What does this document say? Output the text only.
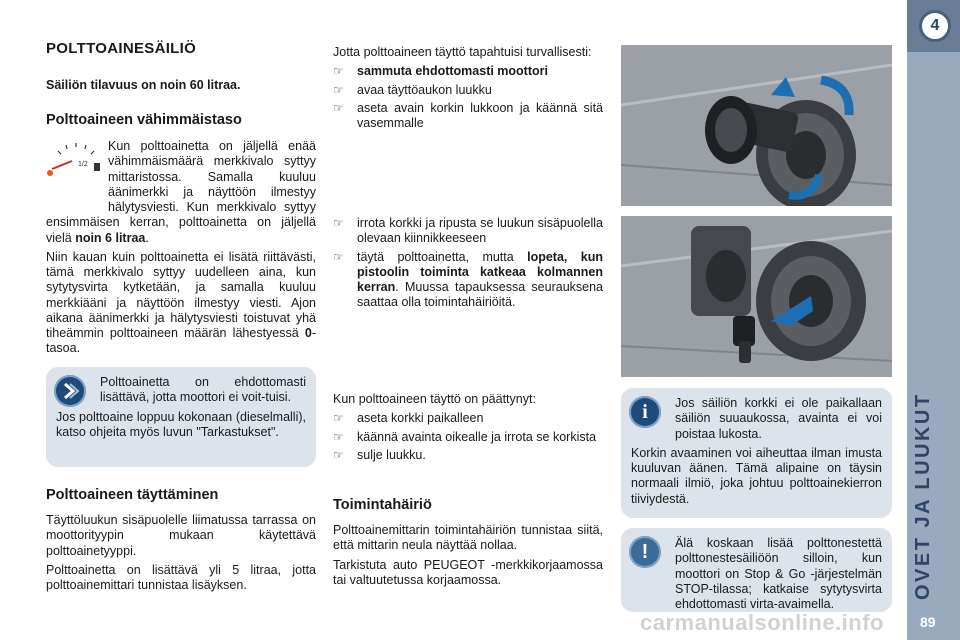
POLTTOAINESÄILIÖ
Säiliön tilavuus on noin 60 litraa.
Polttoaineen vähimmäistaso
1/2

Kun polttoainetta on jäljellä enää vähimmäismäärä merkkivalo syttyy mittaristossa. Samalla kuuluu äänimerkki ja näyttöön ilmestyy hälytysviesti. Kun merkkivalo syttyy ensimmäisen kerran, polttoainetta on jäljellä vielä noin 6 litraa.

Niin kauan kuin polttoainetta ei lisätä riittävästi, tämä merkkivalo syttyy uudelleen aina, kun sytytysvirta kytketään, ja samalla kuuluu merkkiääni ja näyttöön ilmestyy viesti. Ajon aikana äänimerkki ja hälytysviesti toistuvat yhä tiheämmin polttoaineen määrän lähestyessä 0-tasoa.

Polttoainetta on ehdottomasti lisättävä, jotta moottori ei voit-tuisi.

Jos polttoaine loppuu kokonaan (dieselmalli), katso ohjeita myös luvun "Tarkastukset".

Polttoaineen täyttäminen

Täyttöluukun sisäpuolelle liimatussa tarrassa on moottorityypin mukaan käytettävä polttoainetyyppi.

Polttoainetta on lisättävä yli 5 litraa, jotta polttoainemittari tunnistaa lisäyksen.

Jotta polttoaineen täyttö tapahtuisi turvallisesti:

☞ sammuta ehdottomasti moottori
☞ avaa täyttöaukon luukku
☞ aseta avain korkin lukkoon ja käännä sitä vasemmalle
☞ irrota korkki ja ripusta se luukun sisäpuolella olevaan kiinnikkeeseen
☞ täytä polttoainetta, mutta lopeta, kun pistoolin toiminta katkeaa kolmannen kerran. Muussa tapauksessa seurauksena saattaa olla toimintahäiriöitä.

Kun polttoaineen täyttö on päättynyt:

☞ aseta korkki paikalleen
☞ käännä avainta oikealle ja irrota se korkista
☞ sulje luukku.
Toimintahäiriö

Polttoainemittarin toimintahäiriön tunnistaa siitä, että mittarin neula näyttää nollaa.

Tarkistuta auto PEUGEOT -merkkikorjaamossa tai valtuutetussa korjaamossa.

i Jos säiliön korkki ei ole paikallaan säiliön suuaukossa, avainta ei voi poistaa lukosta.

Korkin avaaminen voi aiheuttaa ilman imusta kuuluvan äänen. Tämä alipaine on täysin normaali ilmiö, joka johtuu polttoainekierron tiiviydestä.

! Älä koskaan lisää polttonestettä polttonestesäiliöön silloin, kun moottori on Stop & Go -järjestelmän STOP-tilassa; katkaise sytytysvirta ehdottomasti virta-avaimella.

4
OVET JA LUUKUT
89
carmanualsonline.info
